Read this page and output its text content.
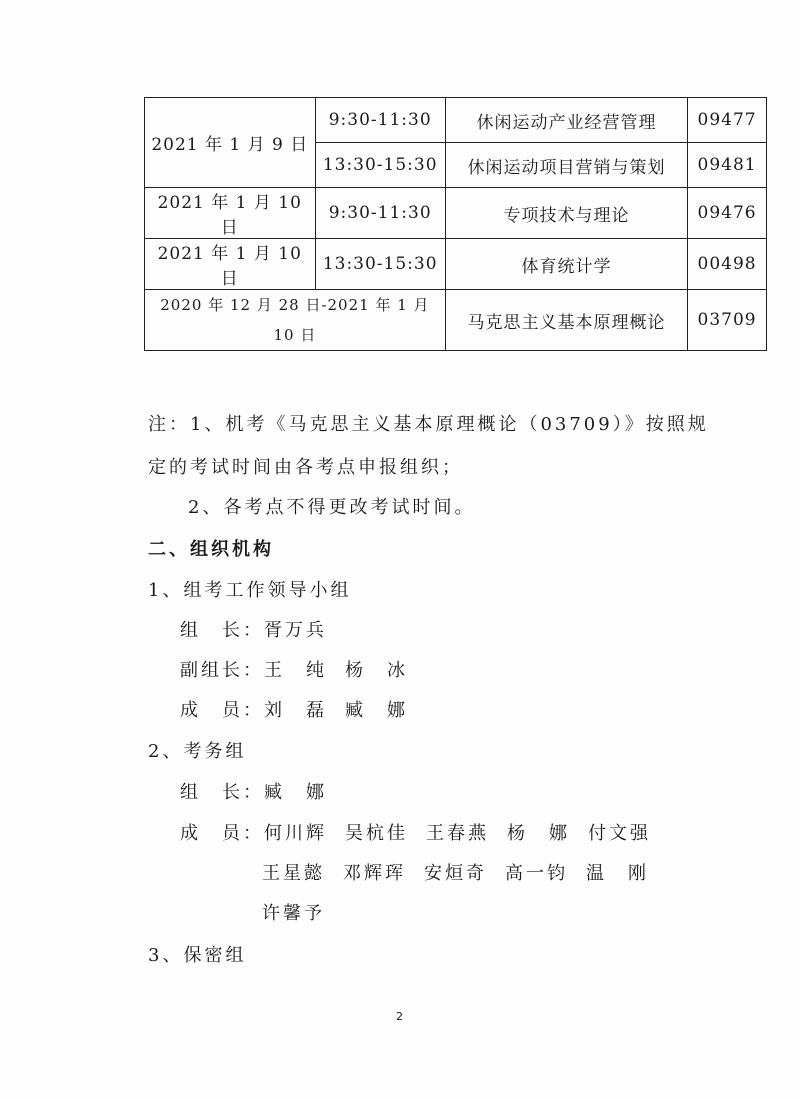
2021 年 1 月 9 日	9:30-11:30	休闲运动产业经营管理	09477
	13:30-15:30	休闲运动项目营销与策划	09481
2021 年 1 月 10 日	9:30-11:30	专项技术与理论	09476
2021 年 1 月 10 日	13:30-15:30	体育统计学	00498
2020 年 12 月 28 日-2021 年 1 月 10 日		马克思主义基本原理概论	03709
注：1、机考《马克思主义基本原理概论（03709）》按照规
定的考试时间由各考点申报组织；
2、各考点不得更改考试时间。
二、组织机构
1、组考工作领导小组
组　长：胥万兵
副组长：王　纯 杨　冰
成　员：刘　磊 臧　娜
2、考务组
组　长：臧　娜
成　员：何川辉 吴杭佳 王春燕 杨　娜 付文强
王星懿 邓辉珲 安烜奇 高一钧 温　刚
许馨予
3、保密组
2
